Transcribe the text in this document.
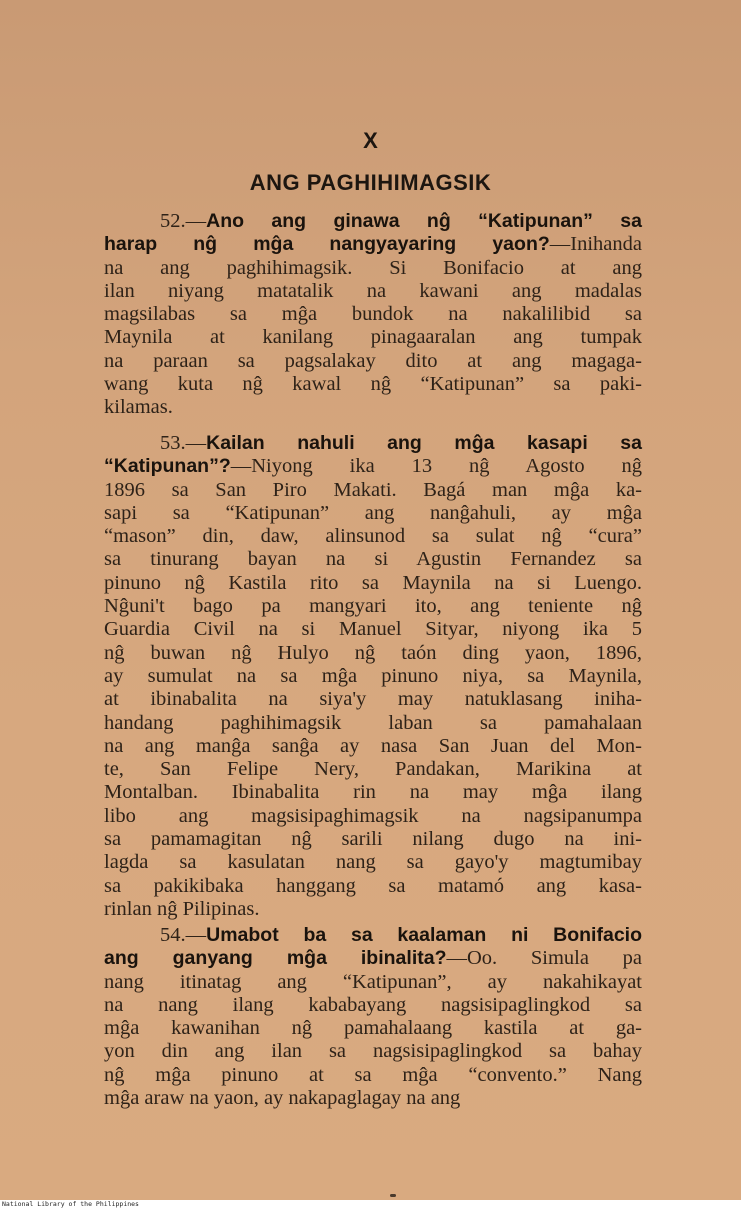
X
ANG PAGHIHIMAGSIK
52.—Ano ang ginawa nĝ “Katipunan” sa
harap nĝ mĝa nangyayaring yaon?—Inihanda
na ang paghihimagsik. Si Bonifacio at ang
ilan niyang matatalik na kawani ang madalas
magsilabas sa mĝa bundok na nakalilibid sa
Maynila at kanilang pinagaaralan ang tumpak
na paraan sa pagsalakay dito at ang magaga-
wang kuta nĝ kawal nĝ “Katipunan” sa paki-
kilamas.
53.—Kailan nahuli ang mĝa kasapi sa
“Katipunan”?—Niyong ika 13 nĝ Agosto nĝ
1896 sa San Piro Makati. Bagá man mĝa ka-
sapi sa “Katipunan” ang nanĝahuli, ay mĝa
“mason” din, daw, alinsunod sa sulat nĝ “cura”
sa tinurang bayan na si Agustin Fernandez sa
pinuno nĝ Kastila rito sa Maynila na si Luengo.
Nĝuni't bago pa mangyari ito, ang teniente nĝ
Guardia Civil na si Manuel Sityar, niyong ika 5
nĝ buwan nĝ Hulyo nĝ taón ding yaon, 1896,
ay sumulat na sa mĝa pinuno niya, sa Maynila,
at ibinabalita na siya'y may natuklasang iniha-
handang paghihimagsik laban sa pamahalaan
na ang manĝa sanĝa ay nasa San Juan del Mon-
te, San Felipe Nery, Pandakan, Marikina at
Montalban. Ibinabalita rin na may mĝa ilang
libo ang magsisipaghimagsik na nagsipanumpa
sa pamamagitan nĝ sarili nilang dugo na ini-
lagda sa kasulatan nang sa gayo'y magtumibay
sa pakikibaka hanggang sa matamó ang kasa-
rinlan nĝ Pilipinas.
54.—Umabot ba sa kaalaman ni Bonifacio
ang ganyang mĝa ibinalita?—Oo. Simula pa
nang itinatag ang “Katipunan”, ay nakahikayat
na nang ilang kababayang nagsisipaglingkod sa
mĝa kawanihan nĝ pamahalaang kastila at ga-
yon din ang ilan sa nagsisipaglingkod sa bahay
nĝ mĝa pinuno at sa mĝa “convento.” Nang
mĝa araw na yaon, ay nakapaglagay na ang
National Library of the Philippines
